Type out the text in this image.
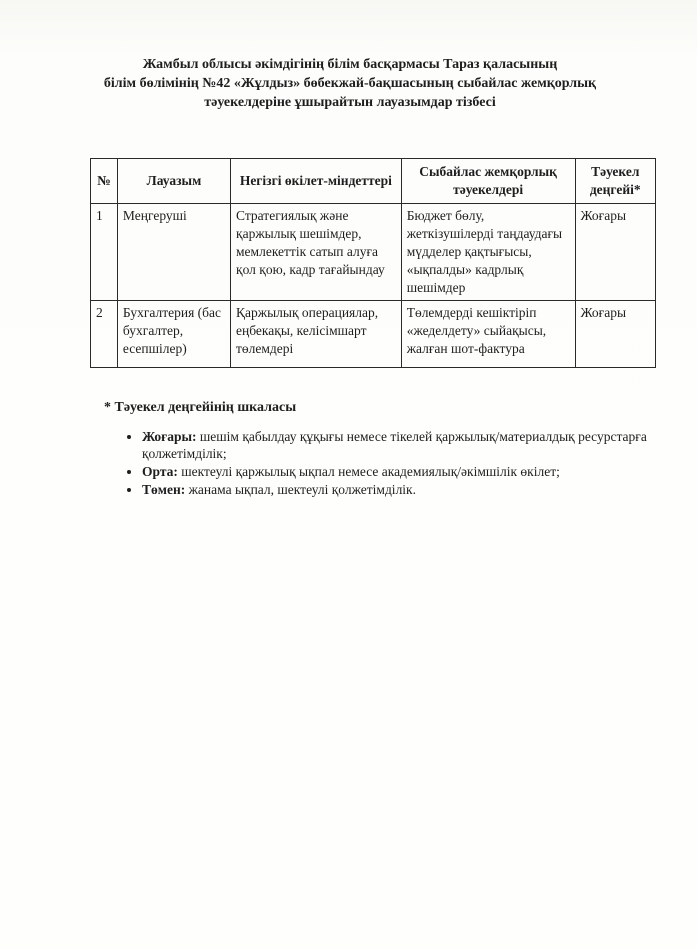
Жамбыл облысы әкімдігінің білім басқармасы Тараз қаласының
білім бөлімінің №42 «Жұлдыз» бөбекжай-бақшасының сыбайлас жемқорлық
тәуекелдеріне ұшырайтын лауазымдар тізбесі
№	Лауазым	Негізгі өкілет-міндеттері	Сыбайлас жемқорлық тәуекелдері	Тәуекел деңгейі*
1	Меңгеруші	Стратегиялық және қаржылық шешімдер, мемлекеттік сатып алуға қол қою, кадр тағайындау	Бюджет бөлу, жеткізушілерді таңдаудағы мүдделер қақтығысы, «ықпалды» кадрлық шешімдер	Жоғары
2	Бухгалтерия (бас бухгалтер, есепшілер)	Қаржылық операциялар, еңбекақы, келісімшарт төлемдері	Төлемдерді кешіктіріп «жеделдету» сыйақысы, жалған шот-фактура	Жоғары
* Тәуекел деңгейінің шкаласы
• Жоғары: шешім қабылдау құқығы немесе тікелей қаржылық/материалдық ресурстарға қолжетімділік;
• Орта: шектеулі қаржылық ықпал немесе академиялық/әкімшілік өкілет;
• Төмен: жанама ықпал, шектеулі қолжетімділік.
